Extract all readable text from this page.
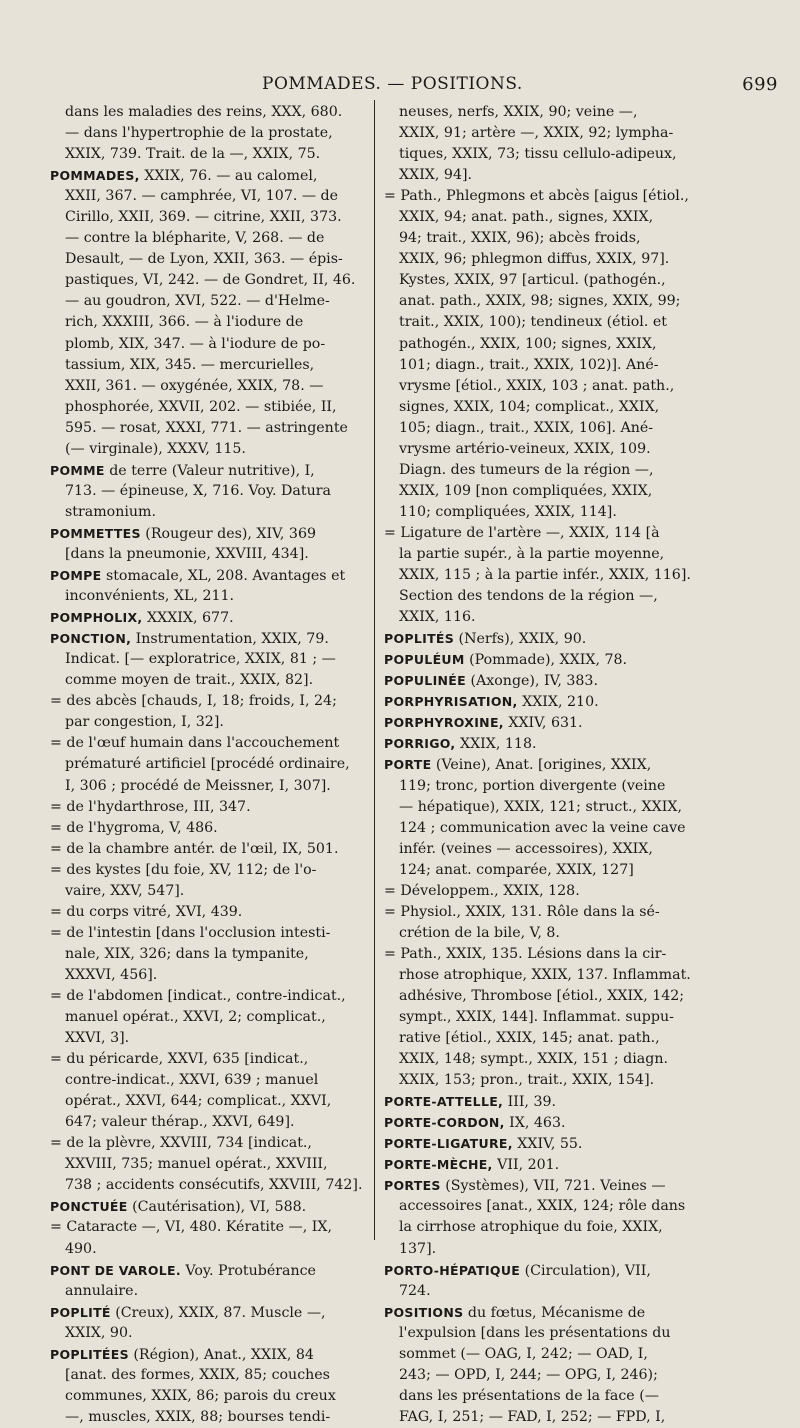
POMMADES. — POSITIONS.	699
dans les maladies des reins, XXX, 680.
— dans l'hypertrophie de la prostate,
XXIX, 739. Trait. de la —, XXIX, 75.
POMMADES, XXIX, 76. — au calomel,
XXII, 367. — camphrée, VI, 107. — de
Cirillo, XXII, 369. — citrine, XXII, 373.
— contre la blépharite, V, 268. — de
Desault, — de Lyon, XXII, 363. — épis-
pastiques, VI, 242. — de Gondret, II, 46.
— au goudron, XVI, 522. — d'Helme-
rich, XXXIII, 366. — à l'iodure de
plomb, XIX, 347. — à l'iodure de po-
tassium, XIX, 345. — mercurielles,
XXII, 361. — oxygénée, XXIX, 78. —
phosphorée, XXVII, 202. — stibiée, II,
595. — rosat, XXXI, 771. — astringente
(— virginale), XXXV, 115.
POMME de terre (Valeur nutritive), I,
713. — épineuse, X, 716. Voy. Datura
stramonium.
POMMETTES (Rougeur des), XIV, 369
[dans la pneumonie, XXVIII, 434].
POMPE stomacale, XL, 208. Avantages et
inconvénients, XL, 211.
POMPHOLIX, XXXIX, 677.
PONCTION, Instrumentation, XXIX, 79.
Indicat. [— exploratrice, XXIX, 81 ; —
comme moyen de trait., XXIX, 82].
= des abcès [chauds, I, 18; froids, I, 24;
par congestion, I, 32].
= de l'œuf humain dans l'accouchement
prématuré artificiel [procédé ordinaire,
I, 306 ; procédé de Meissner, I, 307].
= de l'hydarthrose, III, 347.
= de l'hygroma, V, 486.
= de la chambre antér. de l'œil, IX, 501.
= des kystes [du foie, XV, 112; de l'o-
vaire, XXV, 547].
= du corps vitré, XVI, 439.
= de l'intestin [dans l'occlusion intesti-
nale, XIX, 326; dans la tympanite,
XXXVI, 456].
= de l'abdomen [indicat., contre-indicat.,
manuel opérat., XXVI, 2; complicat.,
XXVI, 3].
= du péricarde, XXVI, 635 [indicat.,
contre-indicat., XXVI, 639 ; manuel
opérat., XXVI, 644; complicat., XXVI,
647; valeur thérap., XXVI, 649].
= de la plèvre, XXVIII, 734 [indicat.,
XXVIII, 735; manuel opérat., XXVIII,
738 ; accidents consécutifs, XXVIII, 742].
PONCTUÉE (Cautérisation), VI, 588.
= Cataracte —, VI, 480. Kératite —, IX,
490.
PONT DE VAROLE. Voy. Protubérance
annulaire.
POPLITÉ (Creux), XXIX, 87. Muscle —,
XXIX, 90.
POPLITÉES (Région), Anat., XXIX, 84
[anat. des formes, XXIX, 85; couches
communes, XXIX, 86; parois du creux
—, muscles, XXIX, 88; bourses tendi-
neuses, nerfs, XXIX, 90; veine —,
XXIX, 91; artère —, XXIX, 92; lympha-
tiques, XXIX, 73; tissu cellulo-adipeux,
XXIX, 94].
= Path., Phlegmons et abcès [aigus [étiol.,
XXIX, 94; anat. path., signes, XXIX,
94; trait., XXIX, 96); abcès froids,
XXIX, 96; phlegmon diffus, XXIX, 97].
Kystes, XXIX, 97 [articul. (pathogén.,
anat. path., XXIX, 98; signes, XXIX, 99;
trait., XXIX, 100); tendineux (étiol. et
pathogén., XXIX, 100; signes, XXIX,
101; diagn., trait., XXIX, 102)]. Ané-
vrysme [étiol., XXIX, 103 ; anat. path.,
signes, XXIX, 104; complicat., XXIX,
105; diagn., trait., XXIX, 106]. Ané-
vrysme artério-veineux, XXIX, 109.
Diagn. des tumeurs de la région —,
XXIX, 109 [non compliquées, XXIX,
110; compliquées, XXIX, 114].
= Ligature de l'artère —, XXIX, 114 [à
la partie supér., à la partie moyenne,
XXIX, 115 ; à la partie infér., XXIX, 116].
Section des tendons de la région —,
XXIX, 116.
POPLITÉS (Nerfs), XXIX, 90.
POPULÉUM (Pommade), XXIX, 78.
POPULINÉE (Axonge), IV, 383.
PORPHYRISATION, XXIX, 210.
PORPHYROXINE, XXIV, 631.
PORRIGO, XXIX, 118.
PORTE (Veine), Anat. [origines, XXIX,
119; tronc, portion divergente (veine
— hépatique), XXIX, 121; struct., XXIX,
124 ; communication avec la veine cave
infér. (veines — accessoires), XXIX,
124; anat. comparée, XXIX, 127]
= Développem., XXIX, 128.
= Physiol., XXIX, 131. Rôle dans la sé-
crétion de la bile, V, 8.
= Path., XXIX, 135. Lésions dans la cir-
rhose atrophique, XXIX, 137. Inflammat.
adhésive, Thrombose [étiol., XXIX, 142;
sympt., XXIX, 144]. Inflammat. suppu-
rative [étiol., XXIX, 145; anat. path.,
XXIX, 148; sympt., XXIX, 151 ; diagn.
XXIX, 153; pron., trait., XXIX, 154].
PORTE-ATTELLE, III, 39.
PORTE-CORDON, IX, 463.
PORTE-LIGATURE, XXIV, 55.
PORTE-MÈCHE, VII, 201.
PORTES (Systèmes), VII, 721. Veines —
accessoires [anat., XXIX, 124; rôle dans
la cirrhose atrophique du foie, XXIX,
137].
PORTO-HÉPATIQUE (Circulation), VII,
724.
POSITIONS du fœtus, Mécanisme de
l'expulsion [dans les présentations du
sommet (— OAG, I, 242; — OAD, I,
243; — OPD, I, 244; — OPG, I, 246);
dans les présentations de la face (—
FAG, I, 251; — FAD, I, 252; — FPD, I,
